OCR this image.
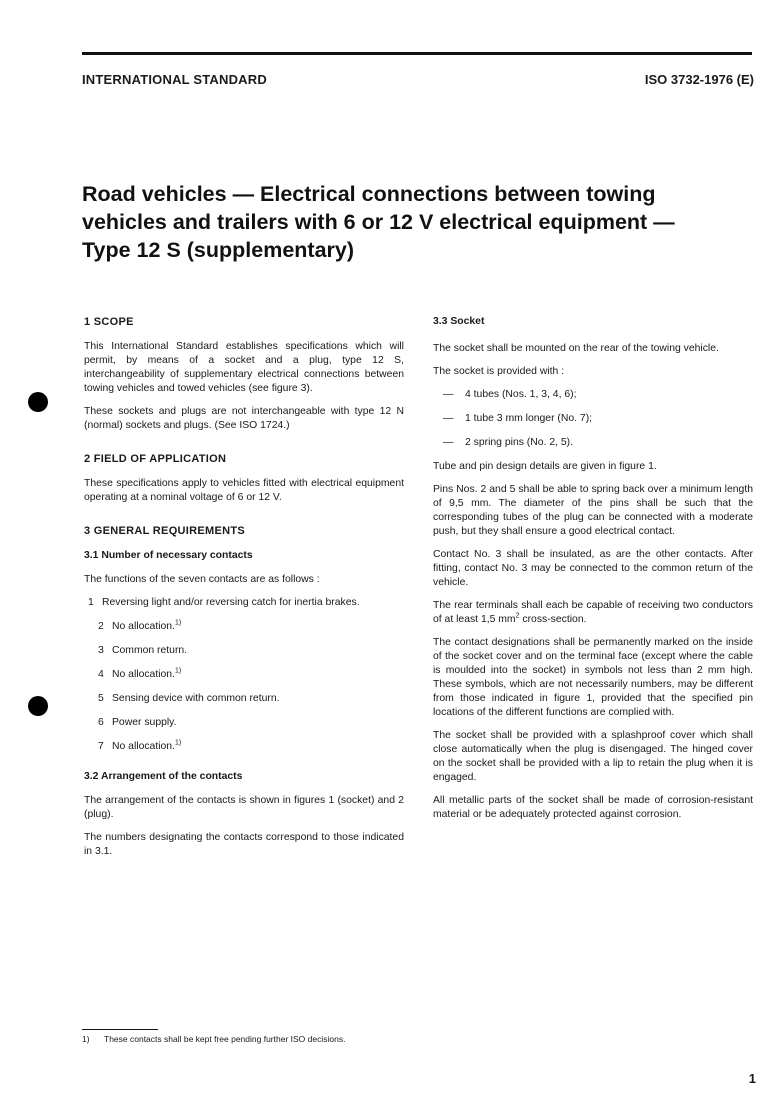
INTERNATIONAL STANDARD	ISO 3732-1976 (E)
Road vehicles — Electrical connections between towing
vehicles and trailers with 6 or 12 V electrical equipment —
Type 12 S (supplementary)
1 SCOPE

This International Standard establishes specifications which will permit, by means of a socket and a plug, type 12 S, interchangeability of supplementary electrical connections between towing vehicles and towed vehicles (see figure 3).

These sockets and plugs are not interchangeable with type 12 N (normal) sockets and plugs. (See ISO 1724.)

2 FIELD OF APPLICATION

These specifications apply to vehicles fitted with electrical equipment operating at a nominal voltage of 6 or 12 V.

3 GENERAL REQUIREMENTS
3.1 Number of necessary contacts

The functions of the seven contacts are as follows :

1 Reversing light and/or reversing catch for inertia brakes.
2 No allocation.$^{1)}$
3 Common return.
4 No allocation.$^{1)}$
5 Sensing device with common return.
6 Power supply.
7 No allocation.$^{1)}$
3.2 Arrangement of the contacts

The arrangement of the contacts is shown in figures 1 (socket) and 2 (plug).

The numbers designating the contacts correspond to those indicated in 3.1.

3.3 Socket

The socket shall be mounted on the rear of the towing vehicle.

The socket is provided with :

— 4 tubes (Nos. 1, 3, 4, 6);
— 1 tube 3 mm longer (No. 7);
— 2 spring pins (No. 2, 5).

Tube and pin design details are given in figure 1.

Pins Nos. 2 and 5 shall be able to spring back over a minimum length of 9,5 mm. The diameter of the pins shall be such that the corresponding tubes of the plug can be connected with a moderate push, but they shall ensure a good electrical contact.

Contact No. 3 shall be insulated, as are the other contacts. After fitting, contact No. 3 may be connected to the common return of the vehicle.

The rear terminals shall each be capable of receiving two conductors of at least 1,5 $mm^2$ cross-section.

The contact designations shall be permanently marked on the inside of the socket cover and on the terminal face (except where the cable is moulded into the socket) in symbols not less than 2 mm high. These symbols, which are not necessarily numbers, may be different from those indicated in figure 1, provided that the specified pin locations of the different functions are complied with.

The socket shall be provided with a splashproof cover which shall close automatically when the plug is disengaged. The hinged cover on the socket shall be provided with a lip to retain the plug when it is engaged.

All metallic parts of the socket shall be made of corrosion-resistant material or be adequately protected against corrosion.

1) These contacts shall be kept free pending further ISO decisions.
1
